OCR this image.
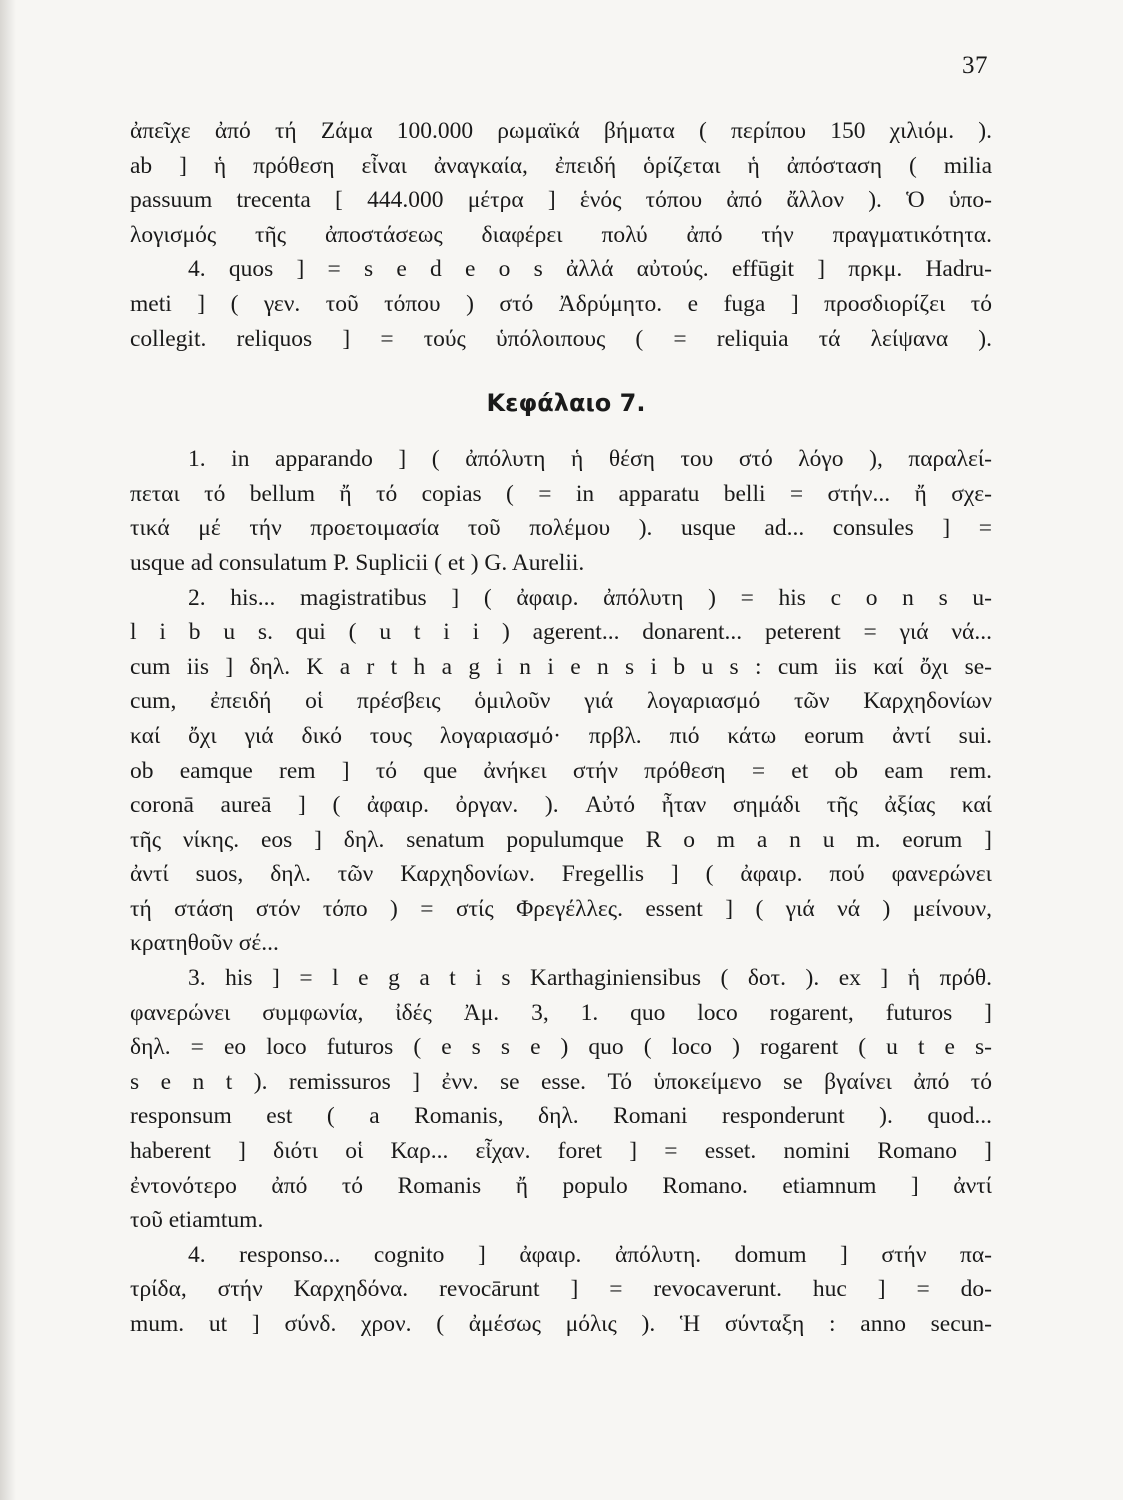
37
ἀπεῖχε ἀπό τή Ζάμα 100.000 ρωμαϊκά βήματα ( περίπου 150 χιλιόμ. ).
ab ] ἡ πρόθεση εἶναι ἀναγκαία, ἐπειδή ὁρίζεται ἡ ἀπόσταση ( milia
passuum trecenta [ 444.000 μέτρα ] ἑνός τόπου ἀπό ἄλλον ). Ὁ ὑπο-
λογισμός τῆς ἀποστάσεως διαφέρει πολύ ἀπό τήν πραγματικότητα.
4. quos ] = s e d e o s ἀλλά αὐτούς. effūgit ] πρκμ. Hadru-
meti ] ( γεν. τοῦ τόπου ) στό Ἀδρύμητο. e fuga ] προσδιορίζει τό
collegit. reliquos ] = τούς ὑπόλοιπους ( = reliquia τά λείψανα ).
Κεφάλαιο 7.
1. in apparando ] ( ἀπόλυτη ἡ θέση του στό λόγο ), παραλεί-
πεται τό bellum ἤ τό copias ( = in apparatu belli = στήν... ἤ σχε-
τικά μέ τήν προετοιμασία τοῦ πολέμου ). usque ad... consules ] =
usque ad consulatum P. Suplicii ( et ) G. Aurelii.
2. his... magistratibus ] ( ἀφαιρ. ἀπόλυτη ) = his c o n s u-
l i b u s. qui ( u t i i ) agerent... donarent... peterent = γιά νά...
cum iis ] δηλ. K a r t h a g i n i e n s i b u s : cum iis καί ὄχι se-
cum, ἐπειδή οἱ πρέσβεις ὁμιλοῦν γιά λογαριασμό τῶν Καρχηδονίων
καί ὄχι γιά δικό τους λογαριασμό· πρβλ. πιό κάτω eorum ἀντί sui.
ob eamque rem ] τό que ἀνήκει στήν πρόθεση = et ob eam rem.
coronā aureā ] ( ἀφαιρ. ὀργαν. ). Αὐτό ἦταν σημάδι τῆς ἀξίας καί
τῆς νίκης. eos ] δηλ. senatum populumque R o m a n u m. eorum ]
ἀντί suos, δηλ. τῶν Καρχηδονίων. Fregellis ] ( ἀφαιρ. πού φανερώνει
τή στάση στόν τόπο ) = στίς Φρεγέλλες. essent ] ( γιά νά ) μείνουν,
κρατηθοῦν σέ...
3. his ] = l e g a t i s Karthaginiensibus ( δοτ. ). ex ] ἡ πρόθ.
φανερώνει συμφωνία, ἰδές Ἀμ. 3, 1. quo loco rogarent, futuros ]
δηλ. = eo loco futuros ( e s s e ) quo ( loco ) rogarent ( u t e s-
s e n t ). remissuros ] ἐνν. se esse. Τό ὑποκείμενο se βγαίνει ἀπό τό
responsum est ( a Romanis, δηλ. Romani responderunt ). quod...
haberent ] διότι οἱ Καρ... εἶχαν. foret ] = esset. nomini Romano ]
ἐντονότερο ἀπό τό Romanis ἤ populo Romano. etiamnum ] ἀντί
τοῦ etiamtum.
4. responso... cognito ] ἀφαιρ. ἀπόλυτη. domum ] στήν πα-
τρίδα, στήν Καρχηδόνα. revocārunt ] = revocaverunt. huc ] = do-
mum. ut ] σύνδ. χρον. ( ἀμέσως μόλις ). Ἡ σύνταξη : anno secun-
